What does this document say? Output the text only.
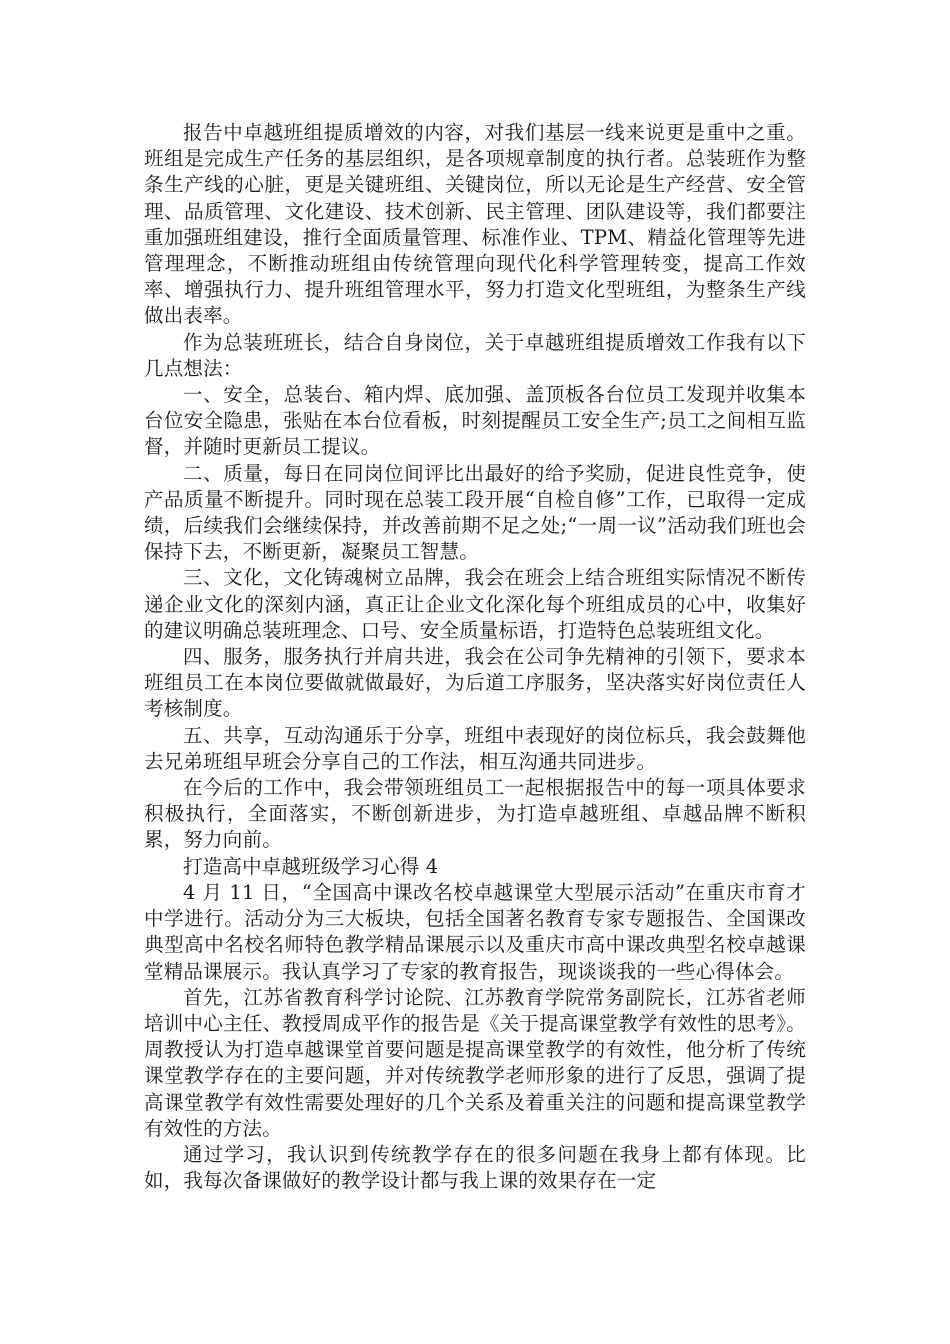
报告中卓越班组提质增效的内容，对我们基层一线来说更是重中之重。班组是完成生产任务的基层组织，是各项规章制度的执行者。总装班作为整条生产线的心脏，更是关键班组、关键岗位，所以无论是生产经营、安全管理、品质管理、文化建设、技术创新、民主管理、团队建设等，我们都要注重加强班组建设，推行全面质量管理、标准作业、TPM、精益化管理等先进管理理念，不断推动班组由传统管理向现代化科学管理转变，提高工作效率、增强执行力、提升班组管理水平，努力打造文化型班组，为整条生产线做出表率。

作为总装班班长，结合自身岗位，关于卓越班组提质增效工作我有以下几点想法：

一、安全，总装台、箱内焊、底加强、盖顶板各台位员工发现并收集本台位安全隐患，张贴在本台位看板，时刻提醒员工安全生产;员工之间相互监督，并随时更新员工提议。

二、质量，每日在同岗位间评比出最好的给予奖励，促进良性竞争，使产品质量不断提升。同时现在总装工段开展“自检自修”工作，已取得一定成绩，后续我们会继续保持，并改善前期不足之处;“一周一议”活动我们班也会保持下去，不断更新，凝聚员工智慧。

三、文化，文化铸魂树立品牌，我会在班会上结合班组实际情况不断传递企业文化的深刻内涵，真正让企业文化深化每个班组成员的心中，收集好的建议明确总装班理念、口号、安全质量标语，打造特色总装班组文化。

四、服务，服务执行并肩共进，我会在公司争先精神的引领下，要求本班组员工在本岗位要做就做最好，为后道工序服务，坚决落实好岗位责任人考核制度。

五、共享，互动沟通乐于分享，班组中表现好的岗位标兵，我会鼓舞他去兄弟班组早班会分享自己的工作法，相互沟通共同进步。

在今后的工作中，我会带领班组员工一起根据报告中的每一项具体要求积极执行，全面落实，不断创新进步，为打造卓越班组、卓越品牌不断积累，努力向前。

打造高中卓越班级学习心得 4

4 月 11 日，“全国高中课改名校卓越课堂大型展示活动”在重庆市育才中学进行。活动分为三大板块，包括全国著名教育专家专题报告、全国课改典型高中名校名师特色教学精品课展示以及重庆市高中课改典型名校卓越课堂精品课展示。我认真学习了专家的教育报告，现谈谈我的一些心得体会。

首先，江苏省教育科学讨论院、江苏教育学院常务副院长，江苏省老师培训中心主任、教授周成平作的报告是《关于提高课堂教学有效性的思考》。周教授认为打造卓越课堂首要问题是提高课堂教学的有效性，他分析了传统课堂教学存在的主要问题，并对传统教学老师形象的进行了反思，强调了提高课堂教学有效性需要处理好的几个关系及着重关注的问题和提高课堂教学有效性的方法。

通过学习，我认识到传统教学存在的很多问题在我身上都有体现。比如，我每次备课做好的教学设计都与我上课的效果存在一定
